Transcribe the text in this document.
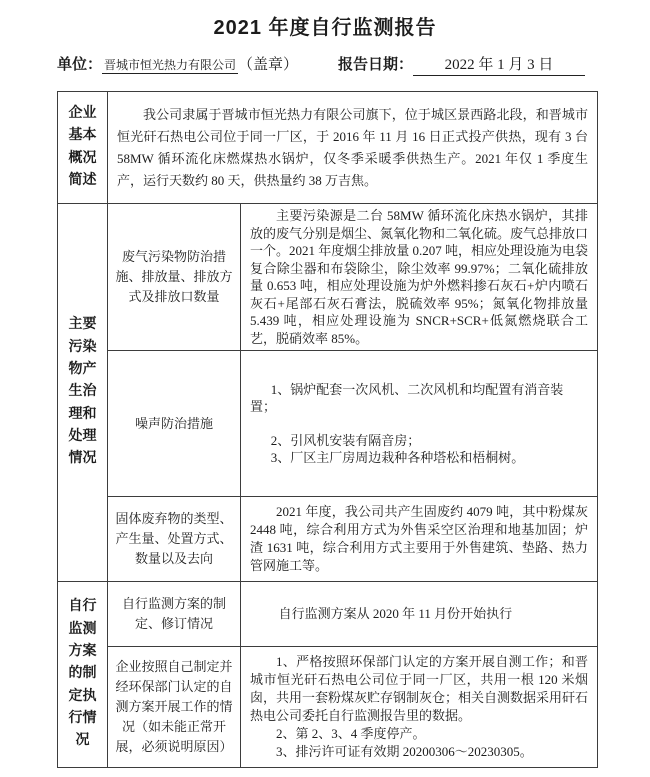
2021 年度自行监测报告
单位： 晋城市恒光热力有限公司 （盖章）	报告日期： 2022 年 1 月 3 日
企业基本概况简述	我公司隶属于晋城市恒光热力有限公司旗下，位于城区景西路北段，和晋城市恒光矸石热电公司位于同一厂区，于 2016 年 11 月 16 日正式投产供热，现有 3 台 58MW 循环流化床燃煤热水锅炉，仅冬季采暖季供热生产。2021 年仅 1 季度生产，运行天数约 80 天，供热量约 38 万吉焦。	

主要污染物产生治理和处理情况	废气污染物防治措施、排放量、排放方式及排放口数量	主要污染源是二台 58MW 循环流化床热水锅炉，其排放的废气分别是烟尘、氮氧化物和二氧化硫。废气总排放口一个。2021 年度烟尘排放量 0.207 吨，相应处理设施为电袋复合除尘器和布袋除尘，除尘效率 99.97%；二氧化硫排放量 0.653 吨，相应处理设施为炉外燃料掺石灰石+炉内喷石灰石+尾部石灰石膏法，脱硫效率 95%；氮氧化物排放量 5.439 吨，相应处理设施为 SNCR+SCR+低氮燃烧联合工艺，脱硝效率 85%。

	噪声防治措施	1、锅炉配套一次风机、二次风机和均配置有消音装置；

2、引风机安装有隔音房；

3、厂区主厂房周边栽种各种塔松和梧桐树。

	固体废弃物的类型、产生量、处置方式、数量以及去向	2021 年度，我公司共产生固废约 4079 吨，其中粉煤灰 2448 吨，综合利用方式为外售采空区治理和地基加固；炉渣 1631 吨，综合利用方式主要用于外售建筑、垫路、热力管网施工等。

自行监测方案的制定执行情况	自行监测方案的制定、修订情况	自行监测方案从 2020 年 11 月份开始执行

	企业按照自己制定并经环保部门认定的自测方案开展工作的情况（如未能正常开展，必须说明原因）	1、严格按照环保部门认定的方案开展自测工作；和晋城市恒光矸石热电公司位于同一厂区，共用一根 120 米烟囱，共用一套粉煤灰贮存钢制灰仓；相关自测数据采用矸石热电公司委托自行监测报告里的数据。

2、第 2、3、4 季度停产。

3、排污许可证有效期 20200306～20230305。
